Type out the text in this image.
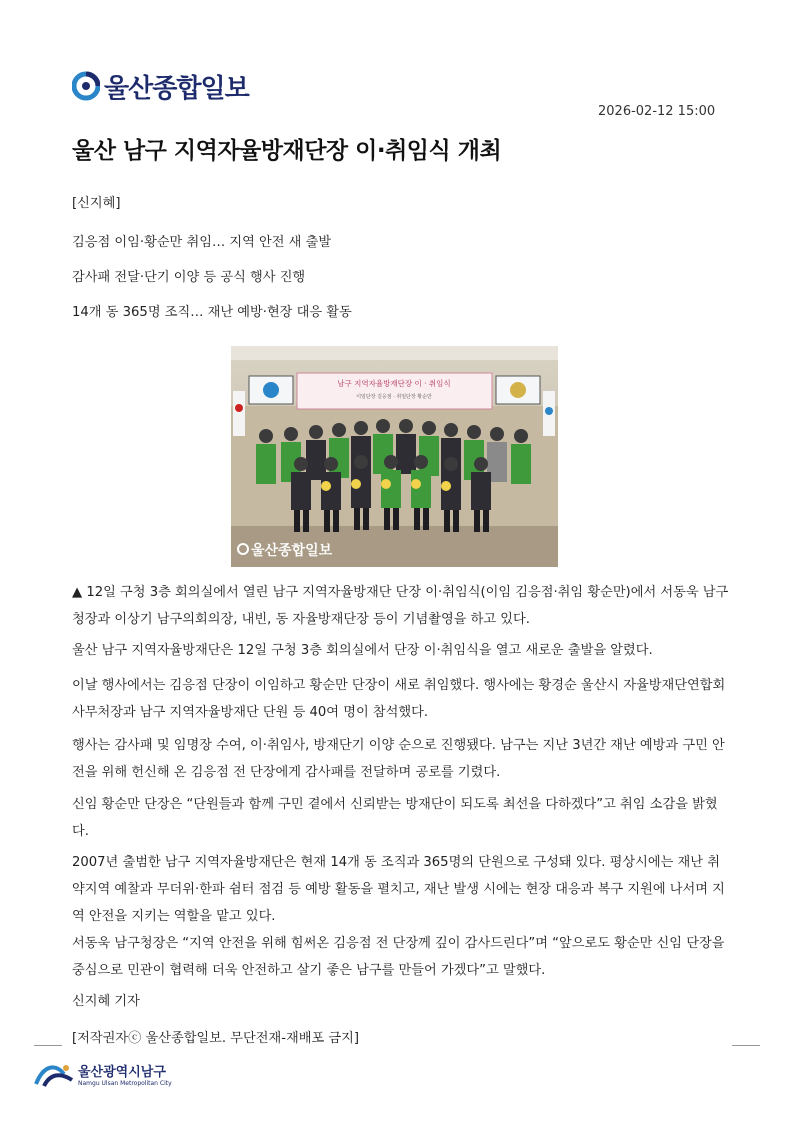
울산종합일보
2026-02-12 15:00
울산 남구 지역자율방재단장 이·취임식 개최
[신지혜]
김응점 이임·황순만 취임… 지역 안전 새 출발
감사패 전달·단기 이양 등 공식 행사 진행
14개 동 365명 조직… 재난 예방·현장 대응 활동
남구 지역자율방재단장 이 · 취임식
이임단장 김응점 · 취임단장 황순만
울산종합일보
▲ 12일 구청 3층 회의실에서 열린 남구 지역자율방재단 단장 이·취임식(이임 김응점·취임 황순만)에서 서동욱 남구청장과 이상기 남구의회의장, 내빈, 동 자율방재단장 등이 기념촬영을 하고 있다.
울산 남구 지역자율방재단은 12일 구청 3층 회의실에서 단장 이·취임식을 열고 새로운 출발을 알렸다.
이날 행사에서는 김응점 단장이 이임하고 황순만 단장이 새로 취임했다. 행사에는 황경순 울산시 자율방재단연합회 사무처장과 남구 지역자율방재단 단원 등 40여 명이 참석했다.
행사는 감사패 및 임명장 수여, 이·취임사, 방재단기 이양 순으로 진행됐다. 남구는 지난 3년간 재난 예방과 구민 안전을 위해 헌신해 온 김응점 전 단장에게 감사패를 전달하며 공로를 기렸다.
신임 황순만 단장은 “단원들과 함께 구민 곁에서 신뢰받는 방재단이 되도록 최선을 다하겠다”고 취임 소감을 밝혔다.
2007년 출범한 남구 지역자율방재단은 현재 14개 동 조직과 365명의 단원으로 구성돼 있다. 평상시에는 재난 취약지역 예찰과 무더위·한파 쉼터 점검 등 예방 활동을 펼치고, 재난 발생 시에는 현장 대응과 복구 지원에 나서며 지역 안전을 지키는 역할을 맡고 있다.
서동욱 남구청장은 “지역 안전을 위해 힘써온 김응점 전 단장께 깊이 감사드린다”며 “앞으로도 황순만 신임 단장을 중심으로 민관이 협력해 더욱 안전하고 살기 좋은 남구를 만들어 가겠다”고 말했다.
신지혜 기자
[저작권자ⓒ 울산종합일보. 무단전재-재배포 금지]
울산광역시남구
Namgu Ulsan Metropolitan City
